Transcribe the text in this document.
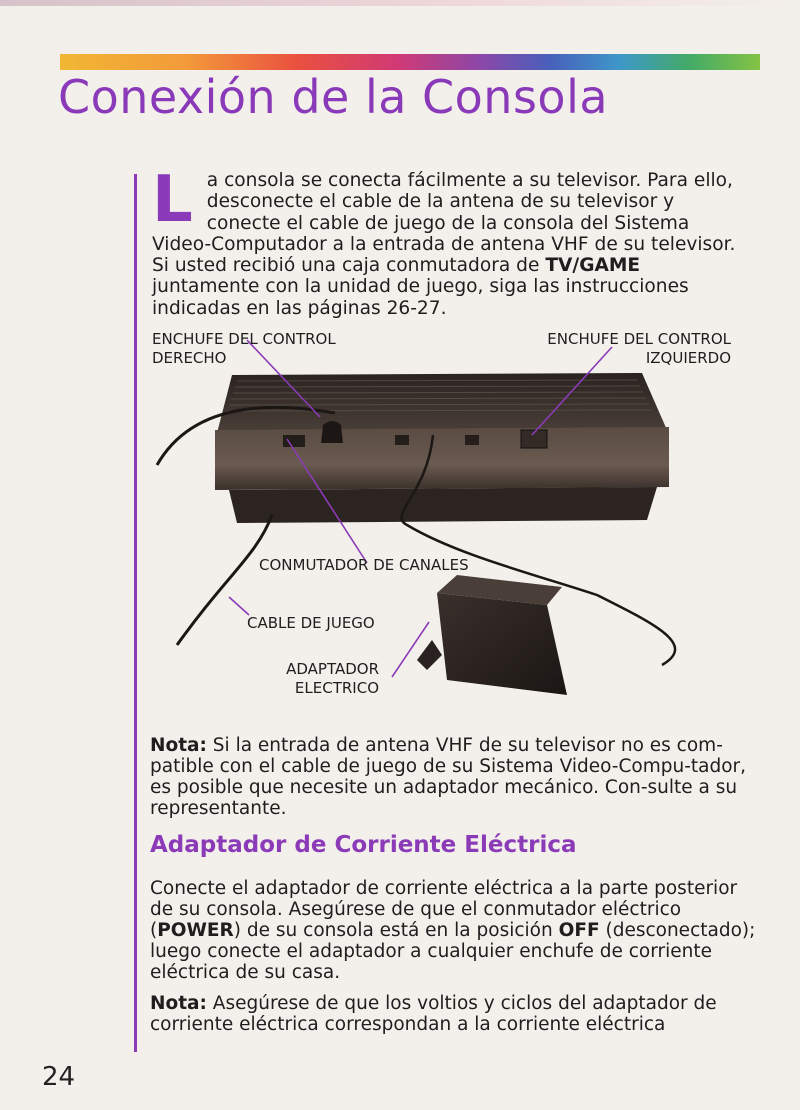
Conexión de la Consola

La consola se conecta fácilmente a su televisor. Para ello, desconecte el cable de la antena de su televisor y conecte el cable de juego de la consola del Sistema Video-Computador a la entrada de antena VHF de su televisor. Si usted recibió una caja conmutadora de TV/GAME juntamente con la unidad de juego, siga las instrucciones indicadas en las páginas 26-27.

ENCHUFE DEL CONTROL
DERECHO
ENCHUFE DEL CONTROL
IZQUIERDO
CONMUTADOR DE CANALES
CABLE DE JUEGO
ADAPTADOR
ELECTRICO

Nota: Si la entrada de antena VHF de su televisor no es com-patible con el cable de juego de su Sistema Video-Compu-tador, es posible que necesite un adaptador mecánico. Con-sulte a su representante.

Adaptador de Corriente Eléctrica

Conecte el adaptador de corriente eléctrica a la parte posterior de su consola. Asegúrese de que el conmutador eléctrico (POWER) de su consola está en la posición OFF (desconectado); luego conecte el adaptador a cualquier enchufe de corriente eléctrica de su casa.

Nota: Asegúrese de que los voltios y ciclos del adaptador de corriente eléctrica correspondan a la corriente eléctrica

24
